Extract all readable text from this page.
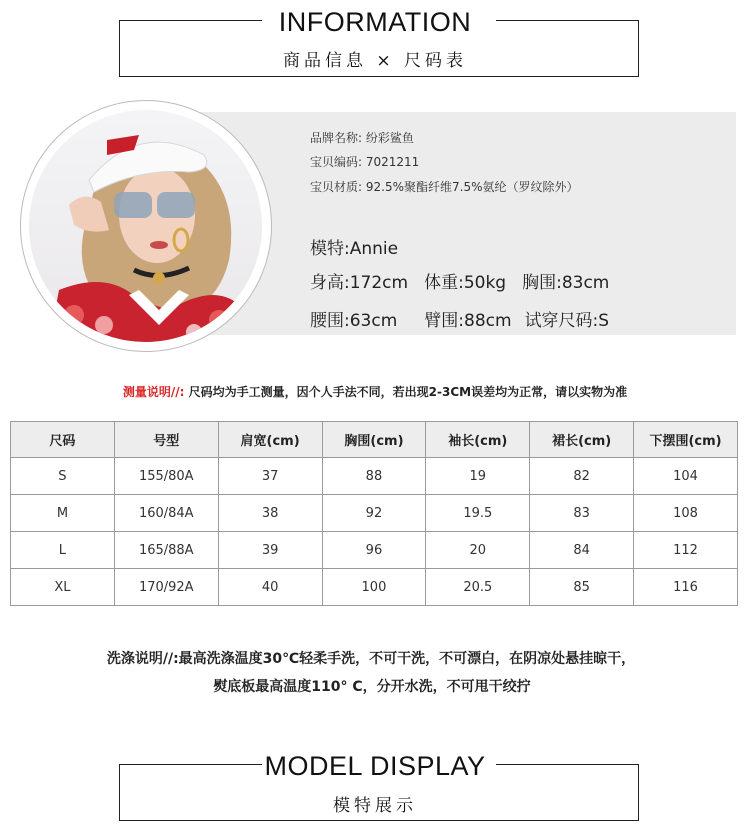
INFORMATION
商品信息 × 尺码表
品牌名称: 纷彩鲨鱼
宝贝编码: 7021211
宝贝材质: 92.5%聚酯纤维7.5%氨纶（罗纹除外）
模特:Annie
身高:172cm 体重:50kg 胸围:83cm
腰围:63cm 臂围:88cm 试穿尺码:S
测量说明//: 尺码均为手工测量，因个人手法不同，若出现2-3CM误差均为正常，请以实物为准
尺码	号型	肩宽(cm)	胸围(cm)	袖长(cm)	裙长(cm)	下摆围(cm)
S	155/80A	37	88	19	82	104
M	160/84A	38	92	19.5	83	108
L	165/88A	39	96	20	84	112
XL	170/92A	40	100	20.5	85	116
洗涤说明//:最高洗涤温度30℃轻柔手洗，不可干洗，不可漂白，在阴凉处悬挂晾干，
熨底板最高温度110° C，分开水洗，不可甩干绞拧
MODEL DISPLAY
模特展示
